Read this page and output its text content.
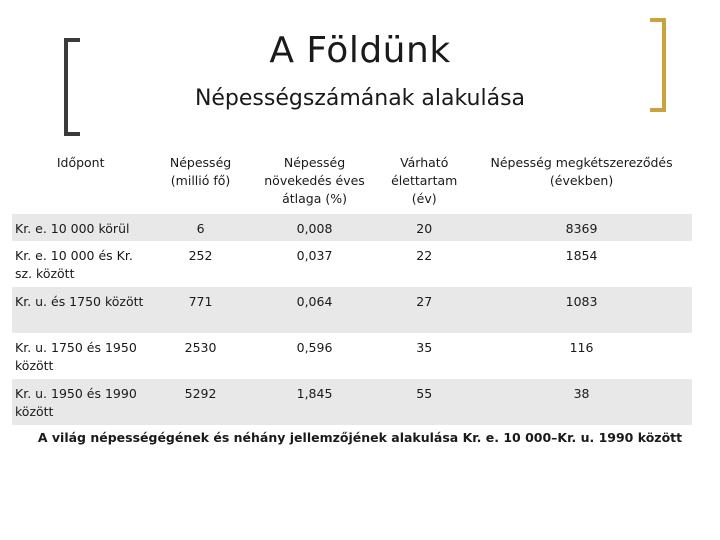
A Földünk
Népességszámának alakulása
Időpont	Népesség (millió fő)	Népesség növekedés éves átlaga (%)	Várható élettartam (év)	Népesség megkétszereződés (években)
Kr. e. 10 000 körül	6	0,008	20	8369
Kr. e. 10 000 és Kr. sz. között	252	0,037	22	1854
Kr. u. és 1750 között	771	0,064	27	1083
Kr. u. 1750 és 1950 között	2530	0,596	35	116
Kr. u. 1950 és 1990 között	5292	1,845	55	38
A világ népességégének és néhány jellemzőjének alakulása Kr. e. 10 000–Kr. u. 1990 között
